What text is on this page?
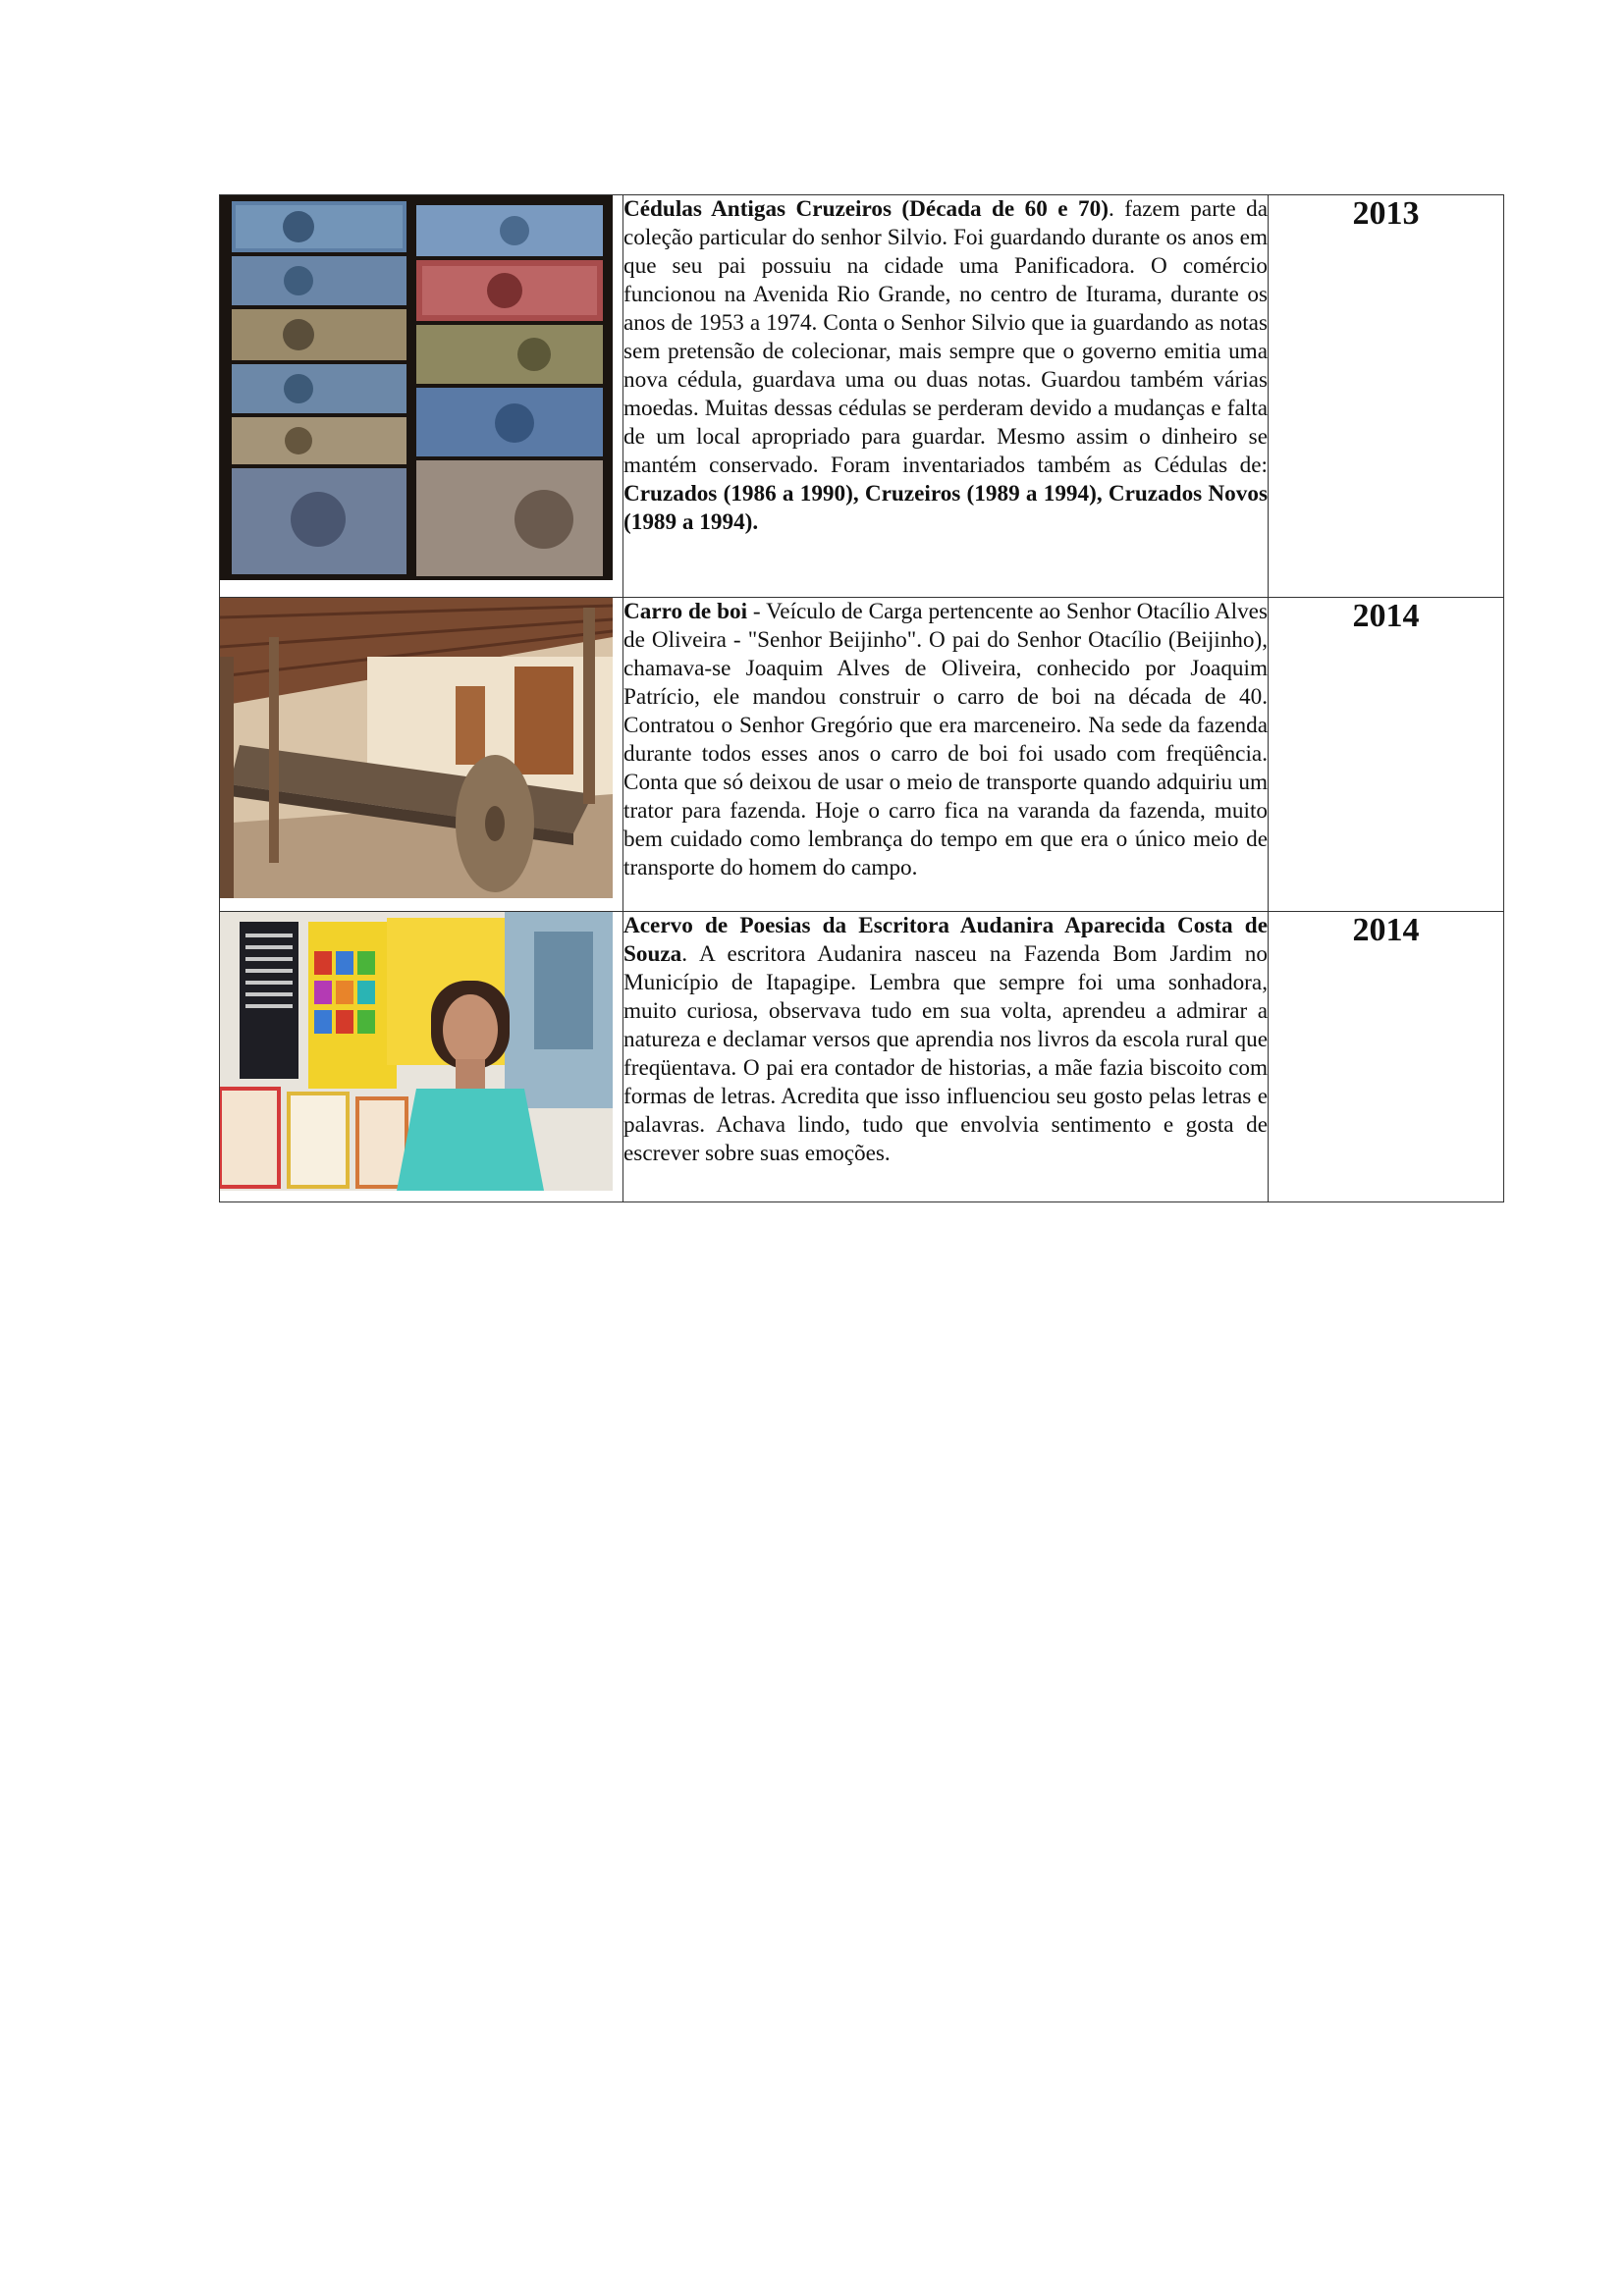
Cédulas Antigas Cruzeiros (Década de 60 e 70). fazem parte da coleção particular do senhor Silvio. Foi guardando durante os anos em que seu pai possuiu na cidade uma Panificadora. O comércio funcionou na Avenida Rio Grande, no centro de Iturama, durante os anos de 1953 a 1974. Conta o Senhor Silvio que ia guardando as notas sem pretensão de colecionar, mais sempre que o governo emitia uma nova cédula, guardava uma ou duas notas. Guardou também várias moedas. Muitas dessas cédulas se perderam devido a mudanças e falta de um local apropriado para guardar. Mesmo assim o dinheiro se mantém conservado. Foram inventariados também as Cédulas de: Cruzados (1986 a 1990), Cruzeiros (1989 a 1994), Cruzados Novos (1989 a 1994).	2013

Carro de boi - Veículo de Carga pertencente ao Senhor Otacílio Alves de Oliveira - "Senhor Beijinho". O pai do Senhor Otacílio (Beijinho), chamava-se Joaquim Alves de Oliveira, conhecido por Joaquim Patrício, ele mandou construir o carro de boi na década de 40. Contratou o Senhor Gregório que era marceneiro. Na sede da fazenda durante todos esses anos o carro de boi foi usado com freqüência. Conta que só deixou de usar o meio de transporte quando adquiriu um trator para fazenda. Hoje o carro fica na varanda da fazenda, muito bem cuidado como lembrança do tempo em que era o único meio de transporte do homem do campo.	2014

Acervo de Poesias da Escritora Audanira Aparecida Costa de Souza. A escritora Audanira nasceu na Fazenda Bom Jardim no Município de Itapagipe. Lembra que sempre foi uma sonhadora, muito curiosa, observava tudo em sua volta, aprendeu a admirar a natureza e declamar versos que aprendia nos livros da escola rural que freqüentava. O pai era contador de historias, a mãe fazia biscoito com formas de letras. Acredita que isso influenciou seu gosto pelas letras e palavras. Achava lindo, tudo que envolvia sentimento e gosta de escrever sobre suas emoções.	2014
